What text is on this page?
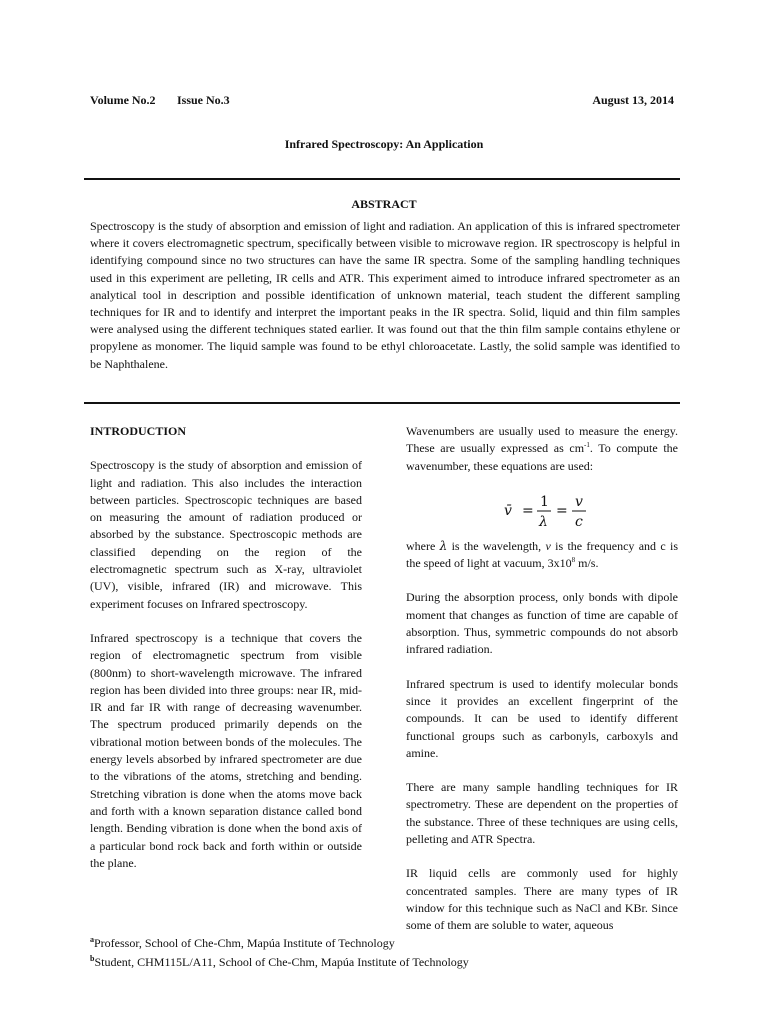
Volume No.2 Issue No.3	August 13, 2014
Infrared Spectroscopy: An Application
ABSTRACT
Spectroscopy is the study of absorption and emission of light and radiation. An application of this is infrared spectrometer where it covers electromagnetic spectrum, specifically between visible to microwave region. IR spectroscopy is helpful in identifying compound since no two structures can have the same IR spectra. Some of the sampling handling techniques used in this experiment are pelleting, IR cells and ATR. This experiment aimed to introduce infrared spectrometer as an analytical tool in description and possible identification of unknown material, teach student the different sampling techniques for IR and to identify and interpret the important peaks in the IR spectra. Solid, liquid and thin film samples were analysed using the different techniques stated earlier. It was found out that the thin film sample contains ethylene or propylene as monomer. The liquid sample was found to be ethyl chloroacetate. Lastly, the solid sample was identified to be Naphthalene.
INTRODUCTION

Spectroscopy is the study of absorption and emission of light and radiation. This also includes the interaction between particles. Spectroscopic techniques are based on measuring the amount of radiation produced or absorbed by the substance. Spectroscopic methods are classified depending on the region of the electromagnetic spectrum such as X-ray, ultraviolet (UV), visible, infrared (IR) and microwave. This experiment focuses on Infrared spectroscopy.

Infrared spectroscopy is a technique that covers the region of electromagnetic spectrum from visible (800nm) to short-wavelength microwave. The infrared region has been divided into three groups: near IR, mid-IR and far IR with range of decreasing wavenumber. The spectrum produced primarily depends on the vibrational motion between bonds of the molecules. The energy levels absorbed by infrared spectrometer are due to the vibrations of the atoms, stretching and bending. Stretching vibration is done when the atoms move back and forth with a known separation distance called bond length. Bending vibration is done when the bond axis of a particular bond rock back and forth within or outside the plane.

Wavenumbers are usually used to measure the energy. These are usually expressed as $cm^{-1}$. To compute the wavenumber, these equations are used:

v̄ =
1
λ
=
v
c

where λ is the wavelength, v is the frequency and c is the speed of light at vacuum, $3x10^8$ m/s.

During the absorption process, only bonds with dipole moment that changes as function of time are capable of absorption. Thus, symmetric compounds do not absorb infrared radiation.

Infrared spectrum is used to identify molecular bonds since it provides an excellent fingerprint of the compounds. It can be used to identify different functional groups such as carbonyls, carboxyls and amine.

There are many sample handling techniques for IR spectrometry. These are dependent on the properties of the substance. Three of these techniques are using cells, pelleting and ATR Spectra.

IR liquid cells are commonly used for highly concentrated samples. There are many types of IR window for this technique such as NaCl and KBr. Since some of them are soluble to water, aqueous

$^a$Professor, School of Che-Chm, Mapúa Institute of Technology
$^b$Student, CHM115L/A11, School of Che-Chm, Mapúa Institute of Technology
